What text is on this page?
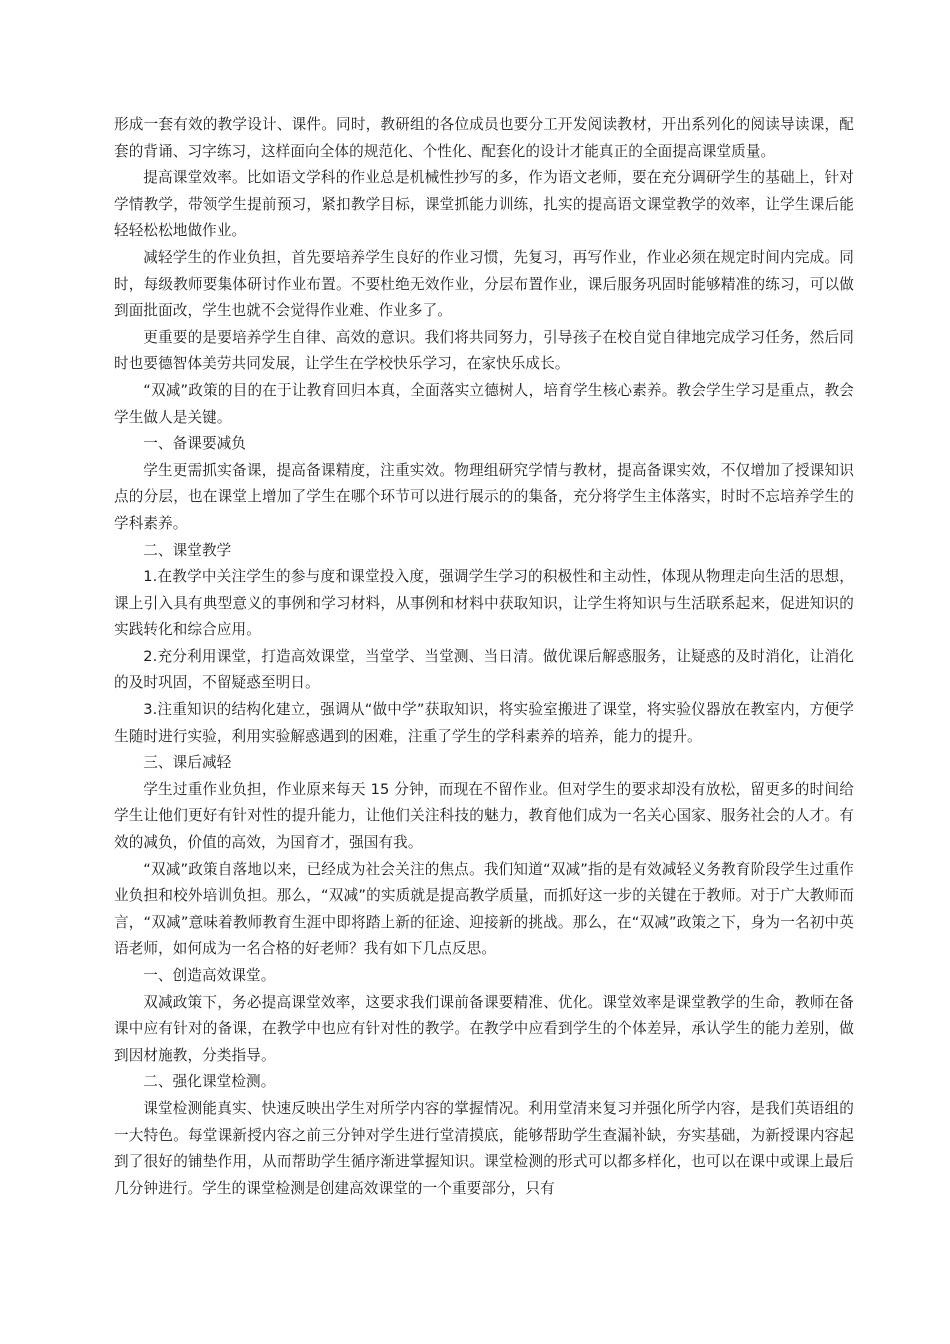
形成一套有效的教学设计、课件。同时，教研组的各位成员也要分工开发阅读教材，开出系列化的阅读导读课，配套的背诵、习字练习，这样面向全体的规范化、个性化、配套化的设计才能真正的全面提高课堂质量。

提高课堂效率。比如语文学科的作业总是机械性抄写的多，作为语文老师，要在充分调研学生的基础上，针对学情教学，带领学生提前预习，紧扣教学目标，课堂抓能力训练，扎实的提高语文课堂教学的效率，让学生课后能轻轻松松地做作业。

减轻学生的作业负担，首先要培养学生良好的作业习惯，先复习，再写作业，作业必须在规定时间内完成。同时，每级教师要集体研讨作业布置。不要杜绝无效作业，分层布置作业，课后服务巩固时能够精准的练习，可以做到面批面改，学生也就不会觉得作业难、作业多了。

更重要的是要培养学生自律、高效的意识。我们将共同努力，引导孩子在校自觉自律地完成学习任务，然后同时也要德智体美劳共同发展，让学生在学校快乐学习，在家快乐成长。

“双减”政策的目的在于让教育回归本真，全面落实立德树人，培育学生核心素养。教会学生学习是重点，教会学生做人是关键。

一、备课要减负

学生更需抓实备课，提高备课精度，注重实效。物理组研究学情与教材，提高备课实效，不仅增加了授课知识点的分层，也在课堂上增加了学生在哪个环节可以进行展示的的集备，充分将学生主体落实，时时不忘培养学生的学科素养。

二、课堂教学

1.在教学中关注学生的参与度和课堂投入度，强调学生学习的积极性和主动性，体现从物理走向生活的思想，课上引入具有典型意义的事例和学习材料，从事例和材料中获取知识，让学生将知识与生活联系起来，促进知识的实践转化和综合应用。

2.充分利用课堂，打造高效课堂，当堂学、当堂测、当日清。做优课后解惑服务，让疑惑的及时消化，让消化的及时巩固，不留疑惑至明日。

3.注重知识的结构化建立，强调从“做中学”获取知识，将实验室搬进了课堂，将实验仪器放在教室内，方便学生随时进行实验，利用实验解惑遇到的困难，注重了学生的学科素养的培养，能力的提升。

三、课后减轻

学生过重作业负担，作业原来每天 15 分钟，而现在不留作业。但对学生的要求却没有放松，留更多的时间给学生让他们更好有针对性的提升能力，让他们关注科技的魅力，教育他们成为一名关心国家、服务社会的人才。有效的减负，价值的高效，为国育才，强国有我。

“双减”政策自落地以来，已经成为社会关注的焦点。我们知道“双减”指的是有效减轻义务教育阶段学生过重作业负担和校外培训负担。那么，“双减”的实质就是提高教学质量，而抓好这一步的关键在于教师。对于广大教师而言，“双减”意味着教师教育生涯中即将踏上新的征途、迎接新的挑战。那么，在“双减”政策之下，身为一名初中英语老师，如何成为一名合格的好老师？我有如下几点反思。

一、创造高效课堂。

双减政策下，务必提高课堂效率，这要求我们课前备课要精准、优化。课堂效率是课堂教学的生命，教师在备课中应有针对的备课，在教学中也应有针对性的教学。在教学中应看到学生的个体差异，承认学生的能力差别，做到因材施教，分类指导。

二、强化课堂检测。

课堂检测能真实、快速反映出学生对所学内容的掌握情况。利用堂清来复习并强化所学内容，是我们英语组的一大特色。每堂课新授内容之前三分钟对学生进行堂清摸底，能够帮助学生查漏补缺，夯实基础，为新授课内容起到了很好的铺垫作用，从而帮助学生循序渐进掌握知识。课堂检测的形式可以都多样化，也可以在课中或课上最后几分钟进行。学生的课堂检测是创建高效课堂的一个重要部分，只有
